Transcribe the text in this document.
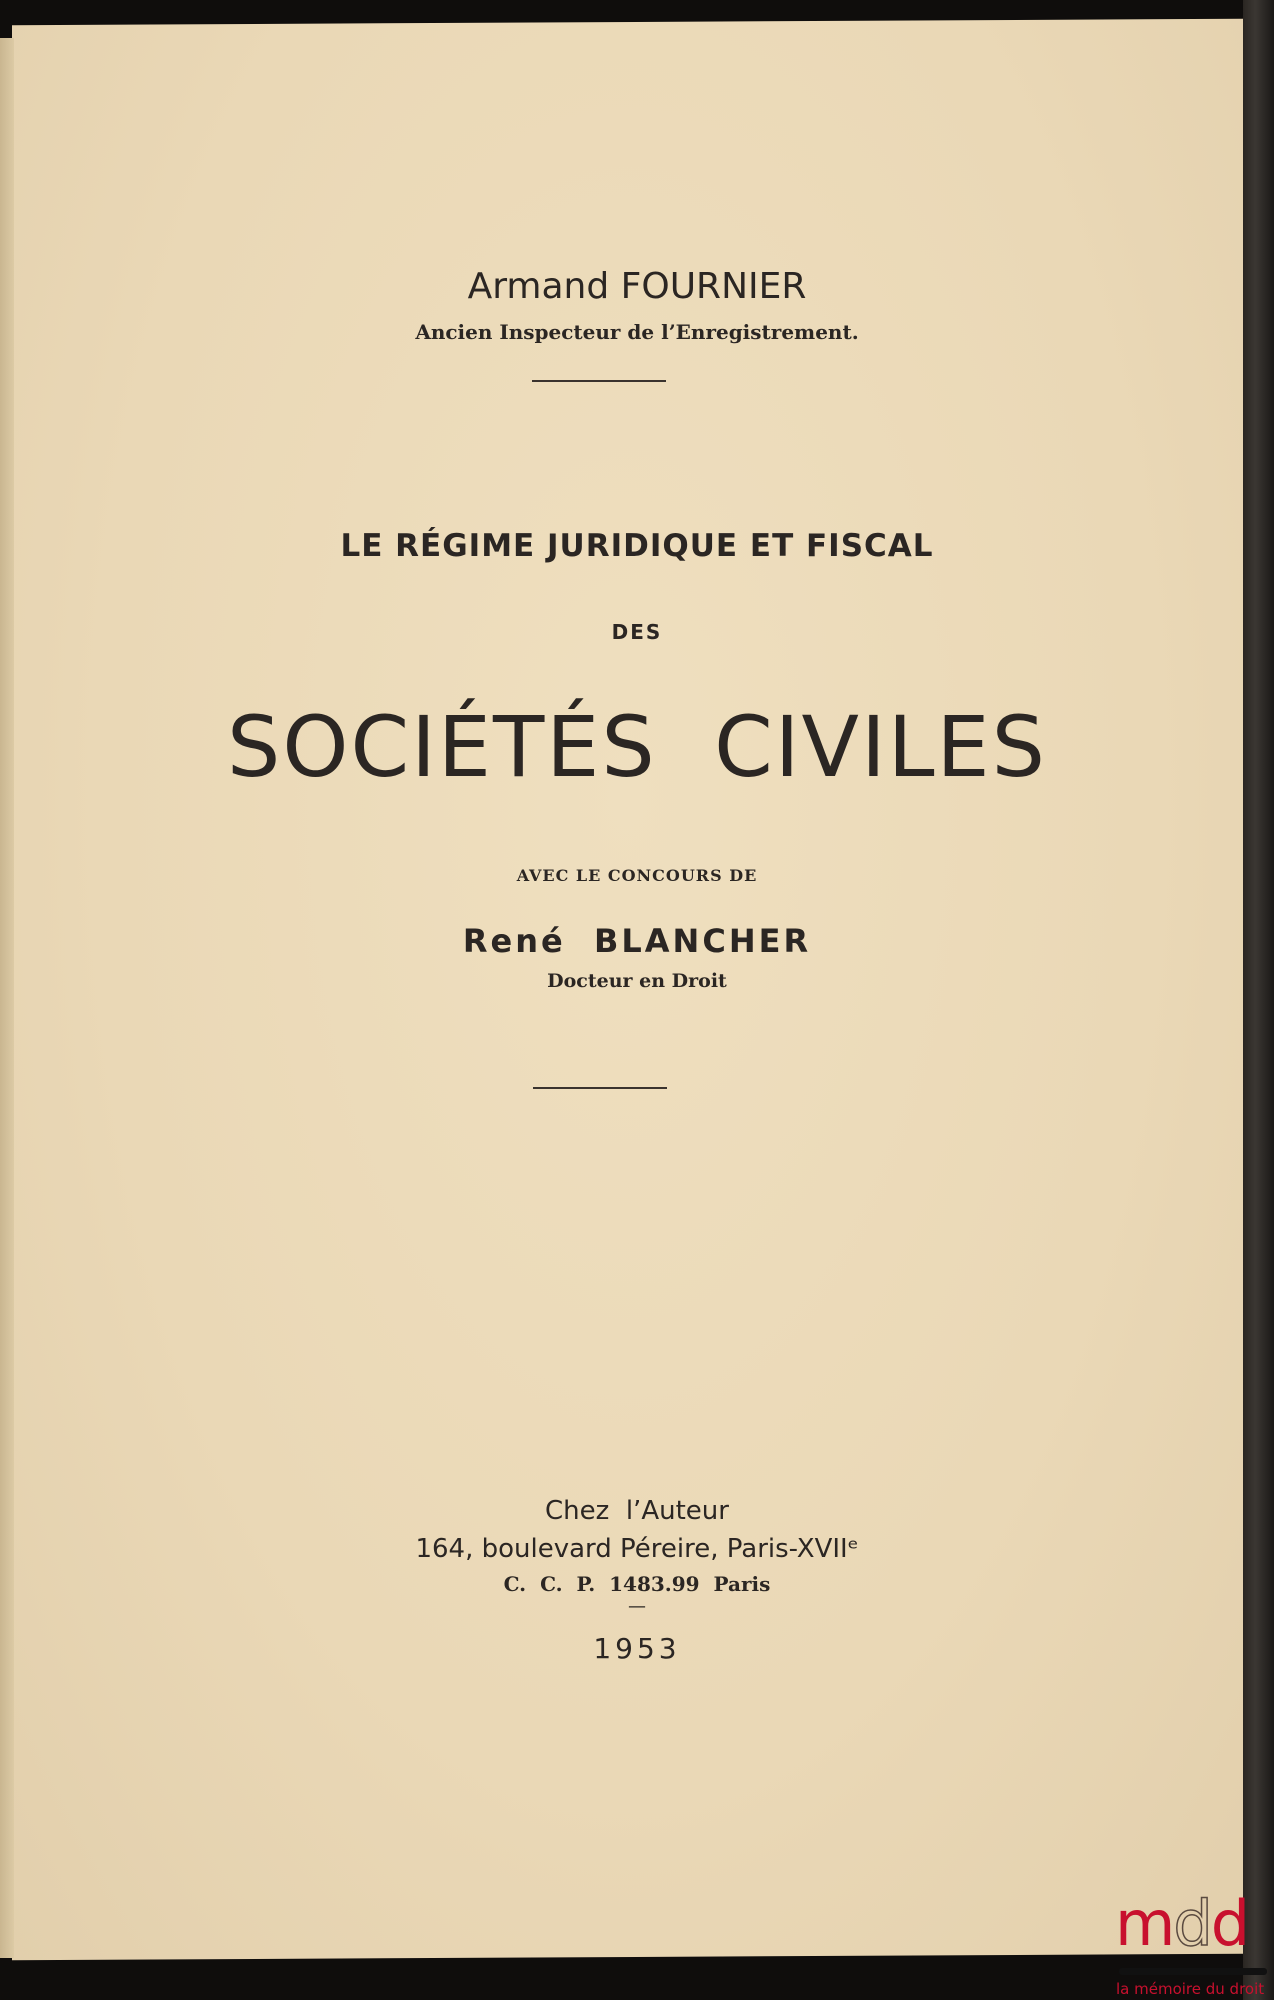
Armand FOURNIER
Ancien Inspecteur de l’Enregistrement.
LE RÉGIME JURIDIQUE ET FISCAL
DES
SOCIÉTÉS  CIVILES
AVEC LE CONCOURS DE
René  BLANCHER
Docteur en Droit
Chez  l’Auteur
164, boulevard Péreire, Paris-XVIIᵉ
C.  C.  P.  1483.99  Paris
—
1953
mdd
la mémoire du droit
